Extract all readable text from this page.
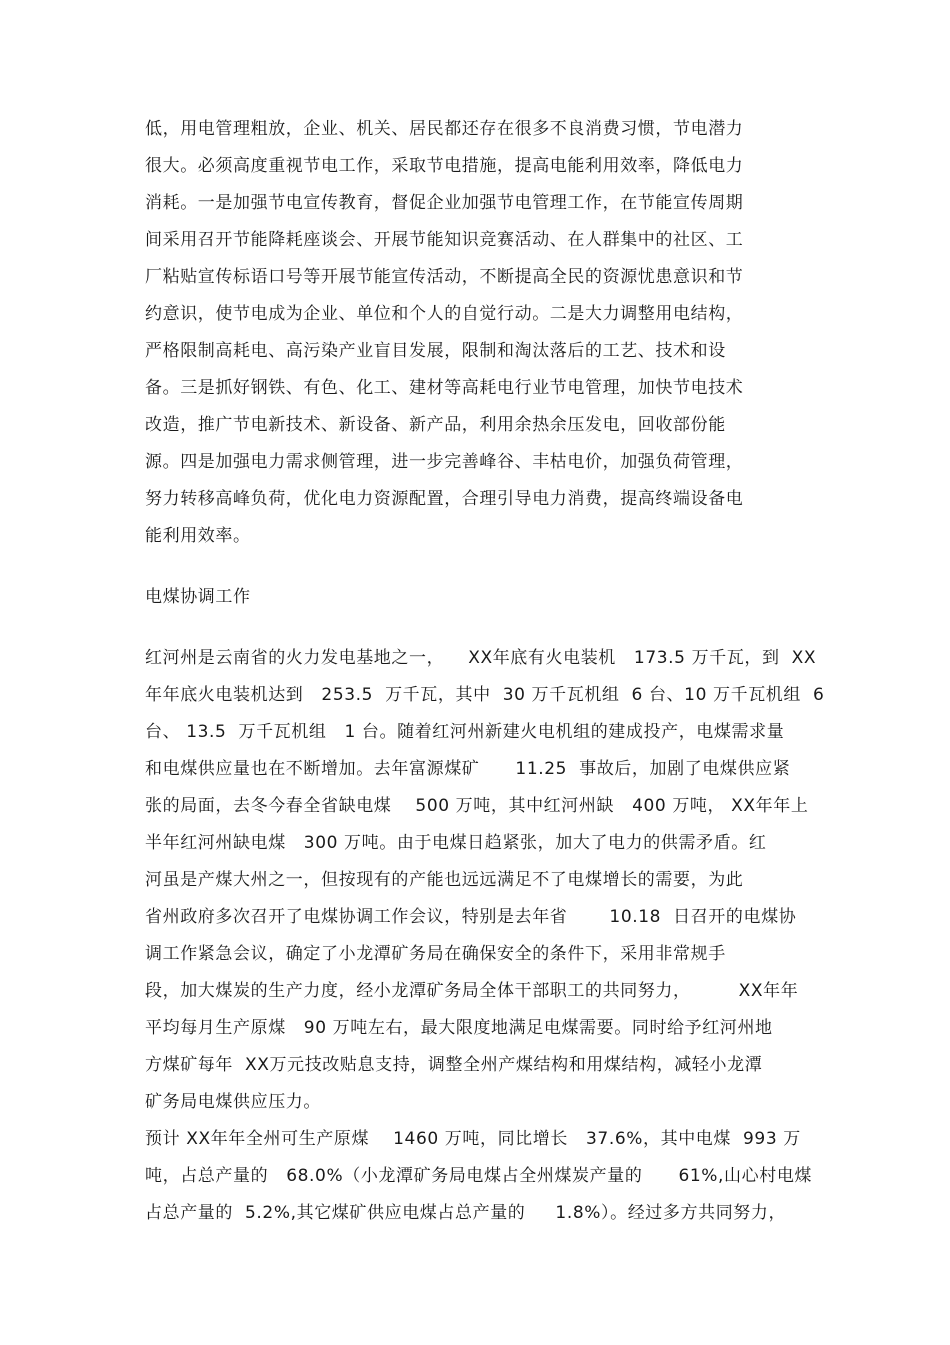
低，用电管理粗放，企业、机关、居民都还存在很多不良消费习惯，节电潜力
很大。必须高度重视节电工作，采取节电措施，提高电能利用效率，降低电力
消耗。一是加强节电宣传教育，督促企业加强节电管理工作，在节能宣传周期
间采用召开节能降耗座谈会、开展节能知识竞赛活动、在人群集中的社区、工
厂粘贴宣传标语口号等开展节能宣传活动，不断提高全民的资源忧患意识和节
约意识，使节电成为企业、单位和个人的自觉行动。二是大力调整用电结构，
严格限制高耗电、高污染产业盲目发展，限制和淘汰落后的工艺、技术和设
备。三是抓好钢铁、有色、化工、建材等高耗电行业节电管理，加快节电技术
改造，推广节电新技术、新设备、新产品，利用余热余压发电，回收部份能
源。四是加强电力需求侧管理，进一步完善峰谷、丰枯电价，加强负荷管理，
努力转移高峰负荷，优化电力资源配置，合理引导电力消费，提高终端设备电
能利用效率。
电煤协调工作
红河州是云南省的火力发电基地之一，    XX年底有火电装机   173.5 万千瓦，到  XX
年年底火电装机达到   253.5  万千瓦，其中  30 万千瓦机组  6 台、10 万千瓦机组  6
台、 13.5  万千瓦机组   1 台。随着红河州新建火电机组的建成投产，电煤需求量
和电煤供应量也在不断增加。去年富源煤矿      11.25  事故后，加剧了电煤供应紧
张的局面，去冬今春全省缺电煤    500 万吨，其中红河州缺   400 万吨， XX年年上
半年红河州缺电煤   300 万吨。由于电煤日趋紧张，加大了电力的供需矛盾。红
河虽是产煤大州之一，但按现有的产能也远远满足不了电煤增长的需要，为此
省州政府多次召开了电煤协调工作会议，特别是去年省       10.18  日召开的电煤协
调工作紧急会议，确定了小龙潭矿务局在确保安全的条件下，采用非常规手
段，加大煤炭的生产力度，经小龙潭矿务局全体干部职工的共同努力，        XX年年
平均每月生产原煤   90 万吨左右，最大限度地满足电煤需要。同时给予红河州地
方煤矿每年  XX万元技改贴息支持，调整全州产煤结构和用煤结构，减轻小龙潭
矿务局电煤供应压力。
预计 XX年年全州可生产原煤    1460 万吨，同比增长   37.6%，其中电煤  993 万
吨，占总产量的   68.0%（小龙潭矿务局电煤占全州煤炭产量的      61%,山心村电煤
占总产量的  5.2%,其它煤矿供应电煤占总产量的     1.8%）。经过多方共同努力，
